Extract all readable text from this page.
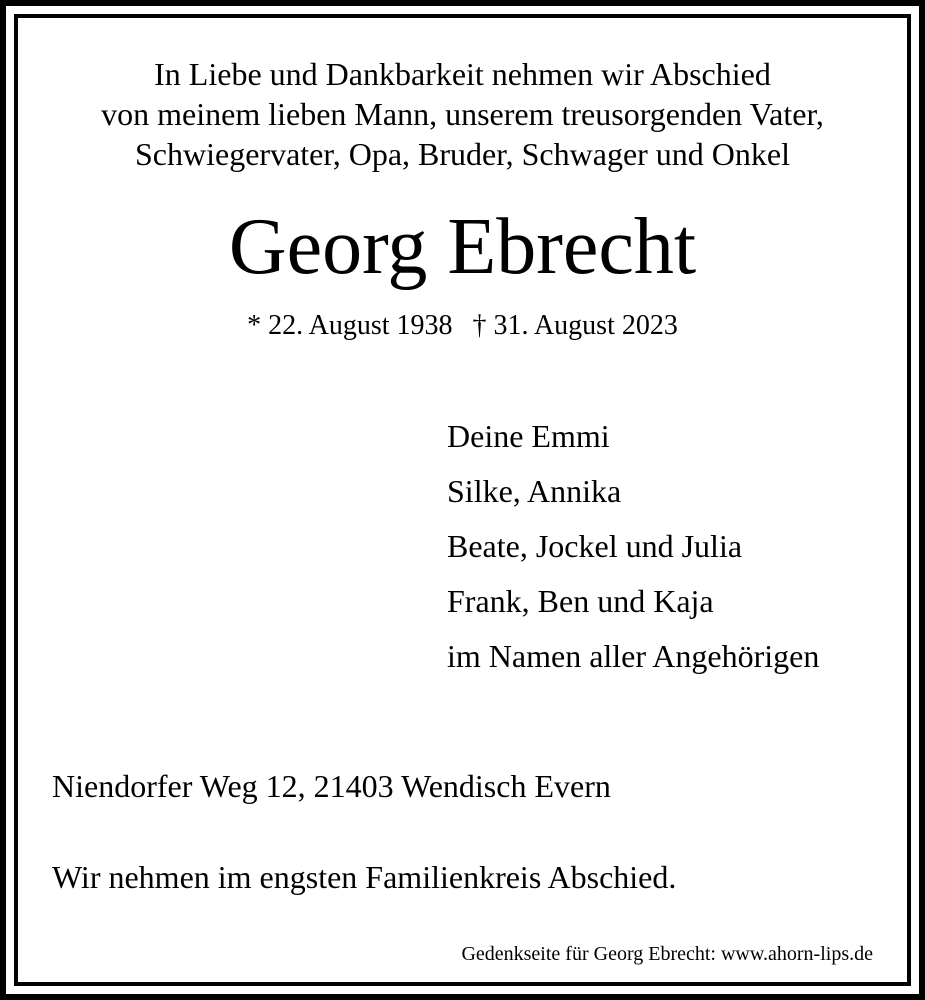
In Liebe und Dankbarkeit nehmen wir Abschied
von meinem lieben Mann, unserem treusorgenden Vater,
Schwiegervater, Opa, Bruder, Schwager und Onkel
Georg Ebrecht
* 22. August 1938 † 31. August 2023
Deine Emmi
Silke, Annika
Beate, Jockel und Julia
Frank, Ben und Kaja
im Namen aller Angehörigen
Niendorfer Weg 12, 21403 Wendisch Evern
Wir nehmen im engsten Familienkreis Abschied.
Gedenkseite für Georg Ebrecht: www.ahorn-lips.de
